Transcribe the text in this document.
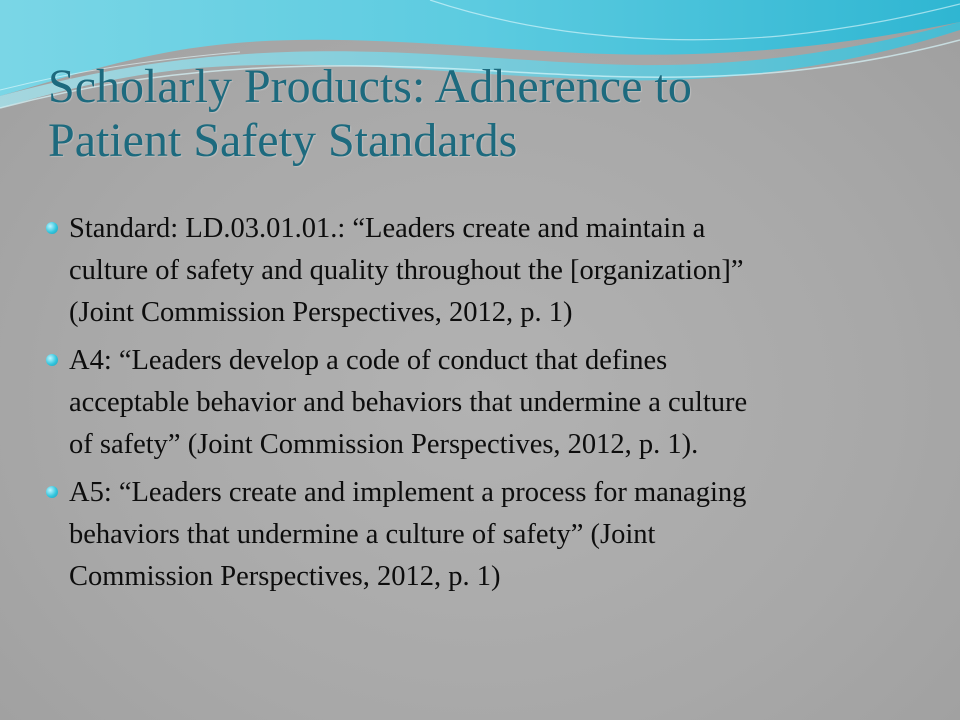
Scholarly Products: Adherence to
Patient Safety Standards
Standard: LD.03.01.01.: “Leaders create and maintain a
culture of safety and quality throughout the [organization]”
(Joint Commission Perspectives, 2012, p. 1)
A4: “Leaders develop a code of conduct that defines
acceptable behavior and behaviors that undermine a culture
of safety” (Joint Commission Perspectives, 2012, p. 1).
A5: “Leaders create and implement a process for managing
behaviors that undermine a culture of safety” (Joint
Commission Perspectives, 2012, p. 1)
